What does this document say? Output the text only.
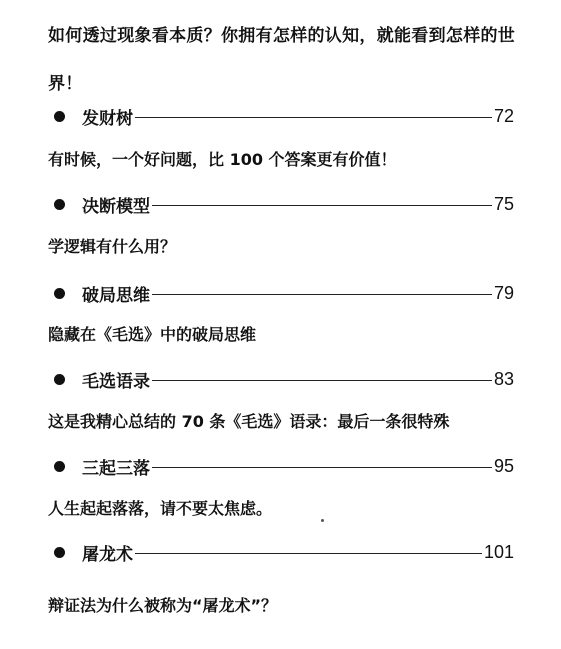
如何透过现象看本质？你拥有怎样的认知，就能看到怎样的世界！
发财树	72
有时候，一个好问题，比 100 个答案更有价值！
决断模型	75
学逻辑有什么用？
破局思维	79
隐藏在《毛选》中的破局思维
毛选语录	83
这是我精心总结的 70 条《毛选》语录：最后一条很特殊
三起三落	95
人生起起落落，请不要太焦虑。
屠龙术	101
辩证法为什么被称为“屠龙术”？
